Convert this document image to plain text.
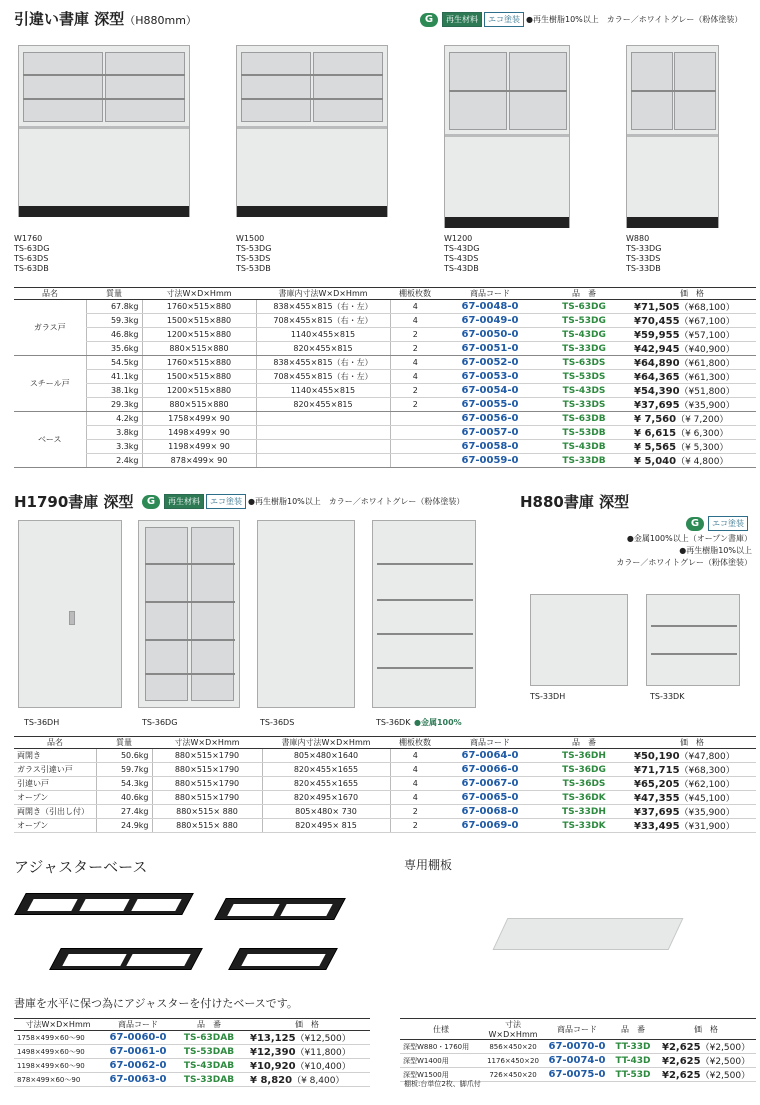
引違い書庫 深型（H880mm）	G 再生材料 エコ塗装 ●再生樹脂10%以上　 カラー／ホワイトグレー（粉体塗装）
W1760
TS-63DG
TS-63DS
TS-63DB
W1500
TS-53DG
TS-53DS
TS-53DB
W1200
TS-43DG
TS-43DS
TS-43DB
W880
TS-33DG
TS-33DS
TS-33DB
品名	質量	寸法W×D×Hmm	書庫内寸法W×D×Hmm	棚板枚数	商品コード	品　番	価　格
ガラス戸	67.8kg	1760×515×880	838×455×815（右・左）	4	67-0048-0	TS-63DG	¥71,505（¥68,100）
	59.3kg	1500×515×880	708×455×815（右・左）	4	67-0049-0	TS-53DG	¥70,455（¥67,100）
	46.8kg	1200×515×880	1140×455×815	2	67-0050-0	TS-43DG	¥59,955（¥57,100）
	35.6kg	880×515×880	820×455×815	2	67-0051-0	TS-33DG	¥42,945（¥40,900）
スチール戸	54.5kg	1760×515×880	838×455×815（右・左）	4	67-0052-0	TS-63DS	¥64,890（¥61,800）
	41.1kg	1500×515×880	708×455×815（右・左）	4	67-0053-0	TS-53DS	¥64,365（¥61,300）
	38.1kg	1200×515×880	1140×455×815	2	67-0054-0	TS-43DS	¥54,390（¥51,800）
	29.3kg	880×515×880	820×455×815	2	67-0055-0	TS-33DS	¥37,695（¥35,900）
ベース	4.2kg	1758×499× 90			67-0056-0	TS-63DB	¥ 7,560（¥ 7,200）
	3.8kg	1498×499× 90			67-0057-0	TS-53DB	¥ 6,615（¥ 6,300）
	3.3kg	1198×499× 90			67-0058-0	TS-43DB	¥ 5,565（¥ 5,300）
	2.4kg	878×499× 90			67-0059-0	TS-33DB	¥ 5,040（¥ 4,800）
H1790書庫 深型	G 再生材料 エコ塗装 ●再生樹脂10%以上　 カラー／ホワイトグレー（粉体塗装）
TS-36DH	TS-36DG	TS-36DS	TS-36DK ●金属100%
H880書庫 深型
G エコ塗装
●金属100%以上（オープン書庫）
●再生樹脂10%以上
カラー／ホワイトグレー（粉体塗装）
TS-33DH	TS-33DK
品名	質量	寸法W×D×Hmm	書庫内寸法W×D×Hmm	棚板枚数	商品コード	品　番	価　格
両開き	50.6kg	880×515×1790	805×480×1640	4	67-0064-0	TS-36DH	¥50,190（¥47,800）
ガラス引違い戸	59.7kg	880×515×1790	820×455×1655	4	67-0066-0	TS-36DG	¥71,715（¥68,300）
引違い戸	54.3kg	880×515×1790	820×455×1655	4	67-0067-0	TS-36DS	¥65,205（¥62,100）
オープン	40.6kg	880×515×1790	820×495×1670	4	67-0065-0	TS-36DK	¥47,355（¥45,100）
両開き（引出し付）	27.4kg	880×515× 880	805×480× 730	2	67-0068-0	TS-33DH	¥37,695（¥35,900）
オープン	24.9kg	880×515× 880	820×495× 815	2	67-0069-0	TS-33DK	¥33,495（¥31,900）
アジャスターベース
書庫を水平に保つ為にアジャスターを付けたベースです。
寸法W×D×Hmm	商品コード	品　番	価　格
1758×499×60〜90	67-0060-0	TS-63DAB	¥13,125（¥12,500）
1498×499×60〜90	67-0061-0	TS-53DAB	¥12,390（¥11,800）
1198×499×60〜90	67-0062-0	TS-43DAB	¥10,920（¥10,400）
878×499×60〜90	67-0063-0	TS-33DAB	¥ 8,820（¥ 8,400）
専用棚板
仕様	寸法W×D×Hmm	商品コード	品　番	価　格
深型W880・1760用	856×450×20	67-0070-0	TT-33D	¥2,625（¥2,500）
深型W1400用	1176×450×20	67-0074-0	TT-43D	¥2,625（¥2,500）
深型W1500用	726×450×20	67-0075-0	TT-53D	¥2,625（¥2,500）
棚板:台単位2枚、脚爪付
